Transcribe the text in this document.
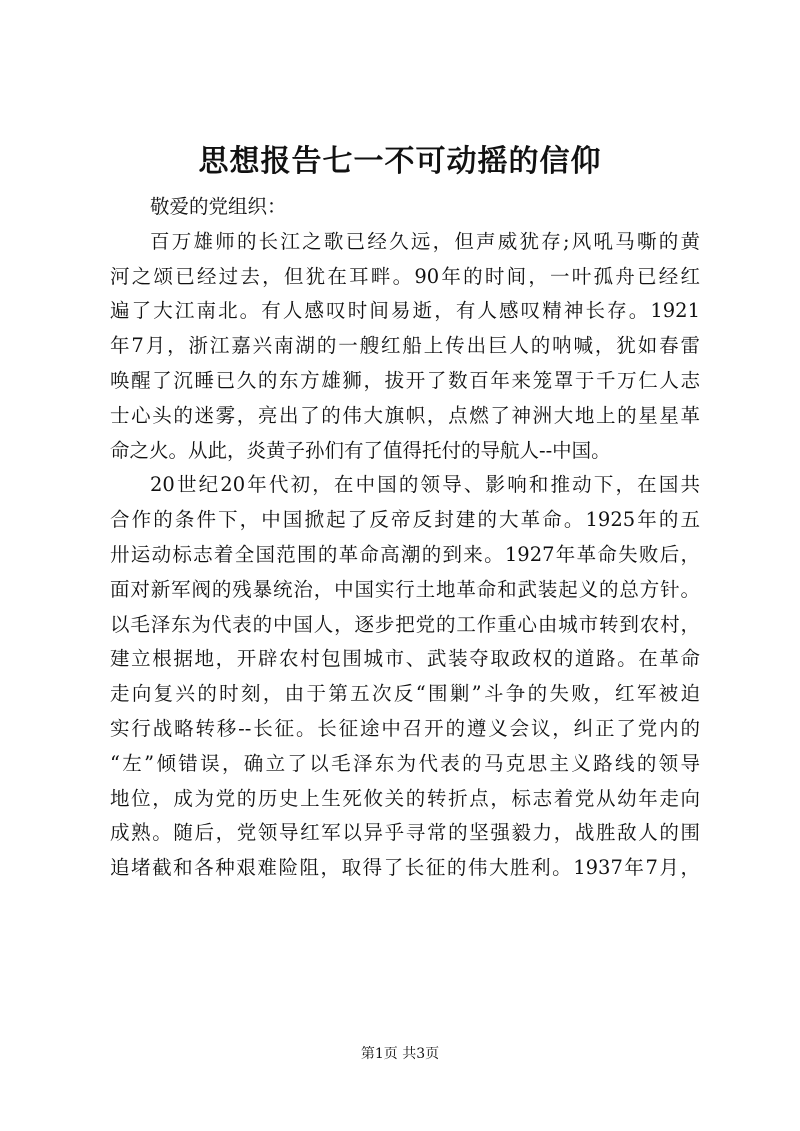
思想报告七一不可动摇的信仰
敬爱的党组织：
百万雄师的长江之歌已经久远，但声威犹存;风吼马嘶的黄
河之颂已经过去，但犹在耳畔。90年的时间，一叶孤舟已经红
遍了大江南北。有人感叹时间易逝，有人感叹精神长存。1921
年7月，浙江嘉兴南湖的一艘红船上传出巨人的呐喊，犹如春雷
唤醒了沉睡已久的东方雄狮，拔开了数百年来笼罩于千万仁人志
士心头的迷雾，亮出了的伟大旗帜，点燃了神洲大地上的星星革
命之火。从此，炎黄子孙们有了值得托付的导航人--中国。
20世纪20年代初，在中国的领导、影响和推动下，在国共
合作的条件下，中国掀起了反帝反封建的大革命。1925年的五
卅运动标志着全国范围的革命高潮的到来。1927年革命失败后，
面对新军阀的残暴统治，中国实行土地革命和武装起义的总方针。
以毛泽东为代表的中国人，逐步把党的工作重心由城市转到农村，
建立根据地，开辟农村包围城市、武装夺取政权的道路。在革命
走向复兴的时刻，由于第五次反“围剿”斗争的失败，红军被迫
实行战略转移--长征。长征途中召开的遵义会议，纠正了党内的
“左”倾错误，确立了以毛泽东为代表的马克思主义路线的领导
地位，成为党的历史上生死攸关的转折点，标志着党从幼年走向
成熟。随后，党领导红军以异乎寻常的坚强毅力，战胜敌人的围
追堵截和各种艰难险阻，取得了长征的伟大胜利。1937年7月，
第1页 共3页
